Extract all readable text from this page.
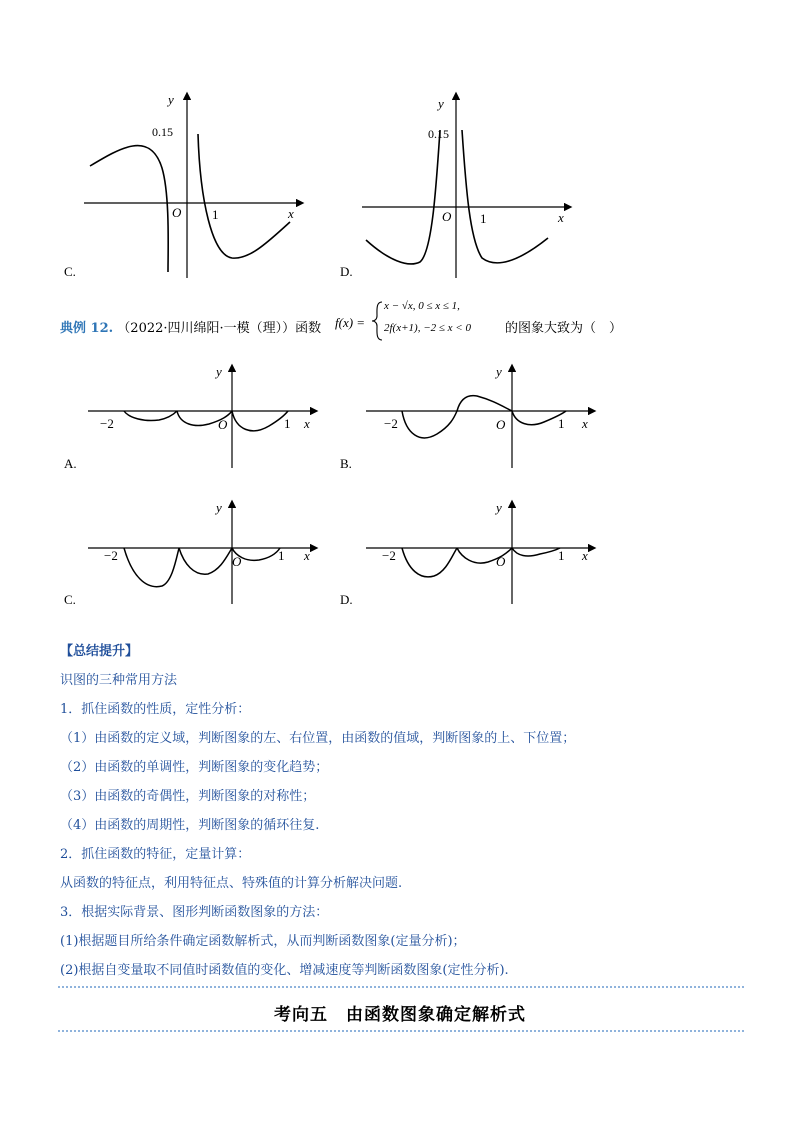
C.
y
0.15
O 1	x
D.
y
0.15
O 1	x
典例 12. （2022·四川绵阳·一模（理））函数 f(x) =
x − √x, 0 ≤ x ≤ 1,
2f(x+1), −2 ≤ x < 0	的图象大致为（　）
A.
y
−2	O	1 x
B.
y
−2	O	1 x
C.
y
−2	O	1 x
D.
y
−2	O	1 x
【总结提升】
识图的三种常用方法
1．抓住函数的性质，定性分析：
（1）由函数的定义域，判断图象的左、右位置，由函数的值域，判断图象的上、下位置；
（2）由函数的单调性，判断图象的变化趋势；
（3）由函数的奇偶性，判断图象的对称性；
（4）由函数的周期性，判断图象的循环往复.
2．抓住函数的特征，定量计算：
从函数的特征点，利用特征点、特殊值的计算分析解决问题.
3．根据实际背景、图形判断函数图象的方法：
(1)根据题目所给条件确定函数解析式，从而判断函数图象(定量分析)；
(2)根据自变量取不同值时函数值的变化、增减速度等判断函数图象(定性分析).
考向五　由函数图象确定解析式
